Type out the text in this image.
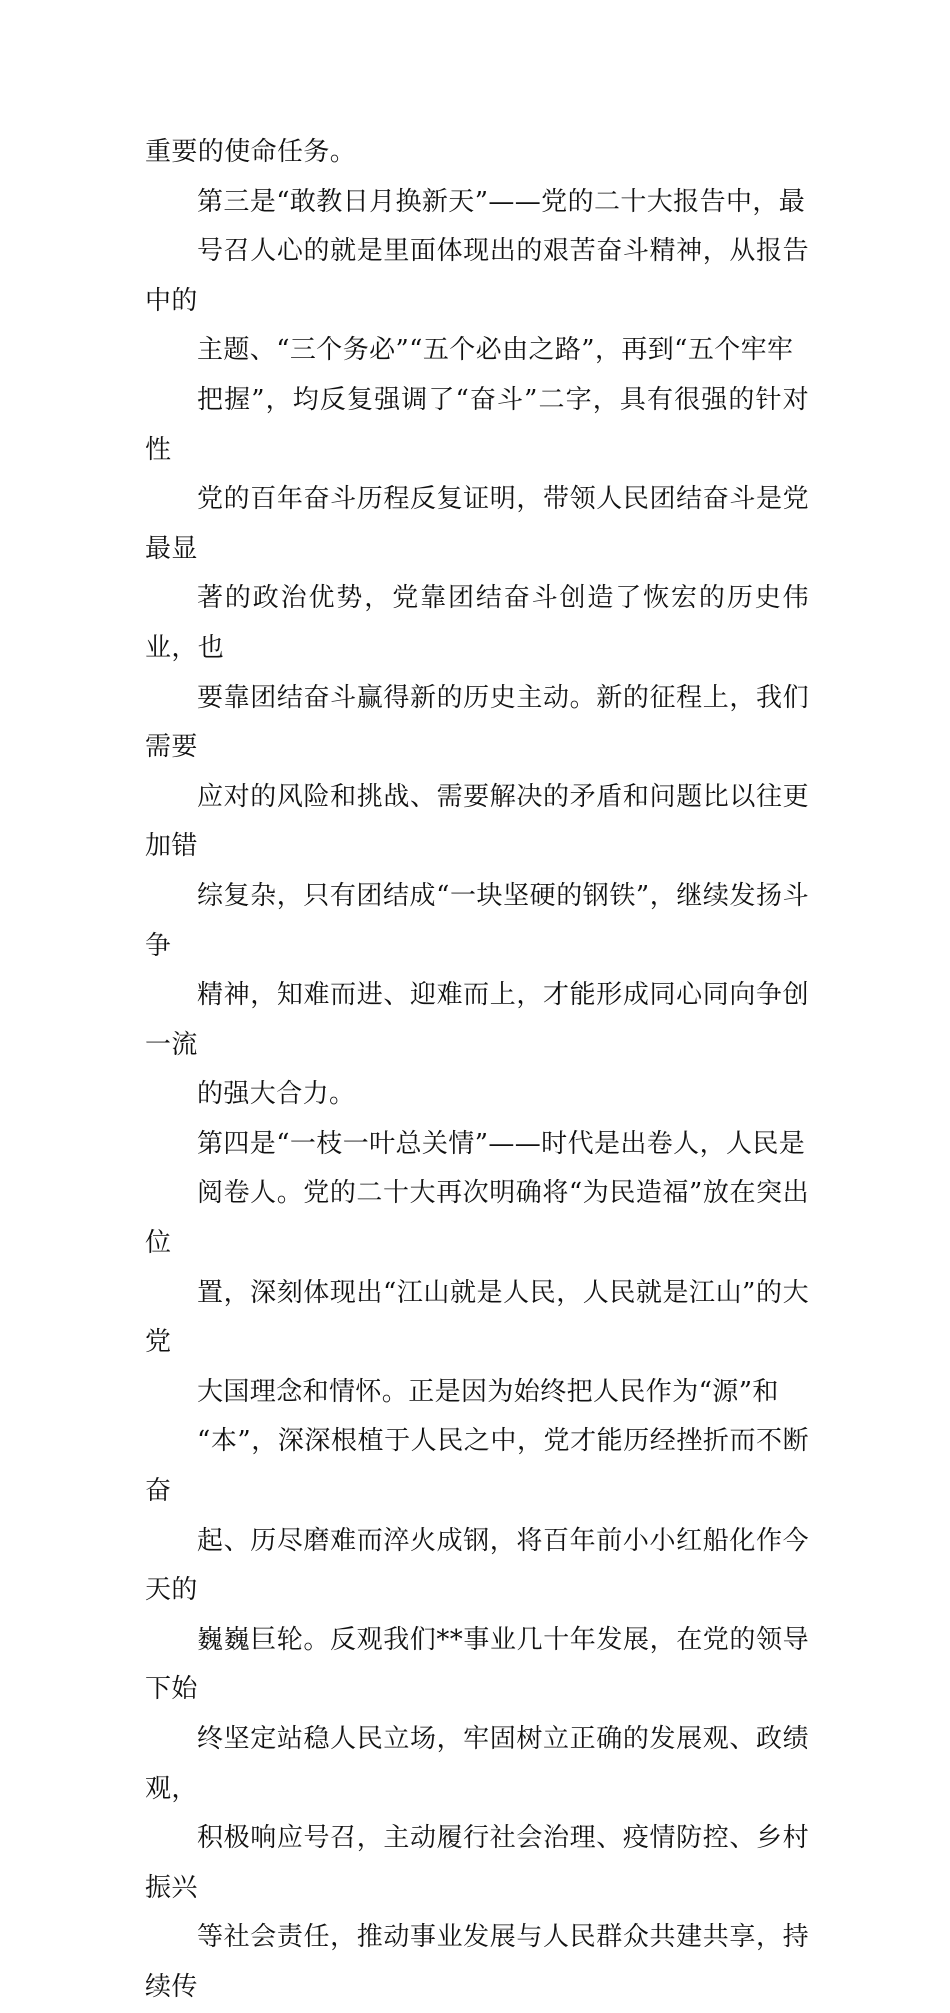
重要的使命任务。

第三是“敢教日月换新天”——党的二十大报告中，最
号召人心的就是里面体现出的艰苦奋斗精神，从报告中的
主题、“三个务必”“五个必由之路”，再到“五个牢牢
把握”，均反复强调了“奋斗”二字，具有很强的针对性
党的百年奋斗历程反复证明，带领人民团结奋斗是党最显
著的政治优势，党靠团结奋斗创造了恢宏的历史伟业，也
要靠团结奋斗赢得新的历史主动。新的征程上，我们需要
应对的风险和挑战、需要解决的矛盾和问题比以往更加错
综复杂，只有团结成“一块坚硬的钢铁”，继续发扬斗争
精神，知难而进、迎难而上，才能形成同心同向争创一流
的强大合力。

第四是“一枝一叶总关情”——时代是出卷人，人民是
阅卷人。党的二十大再次明确将“为民造福”放在突出位
置，深刻体现出“江山就是人民，人民就是江山”的大党
大国理念和情怀。正是因为始终把人民作为“源”和
“本”，深深根植于人民之中，党才能历经挫折而不断奋
起、历尽磨难而淬火成钢，将百年前小小红船化作今天的
巍巍巨轮。反观我们**事业几十年发展，在党的领导下始
终坚定站稳人民立场，牢固树立正确的发展观、政绩观，
积极响应号召，主动履行社会治理、疫情防控、乡村振兴
等社会责任，推动事业发展与人民群众共建共享，持续传
